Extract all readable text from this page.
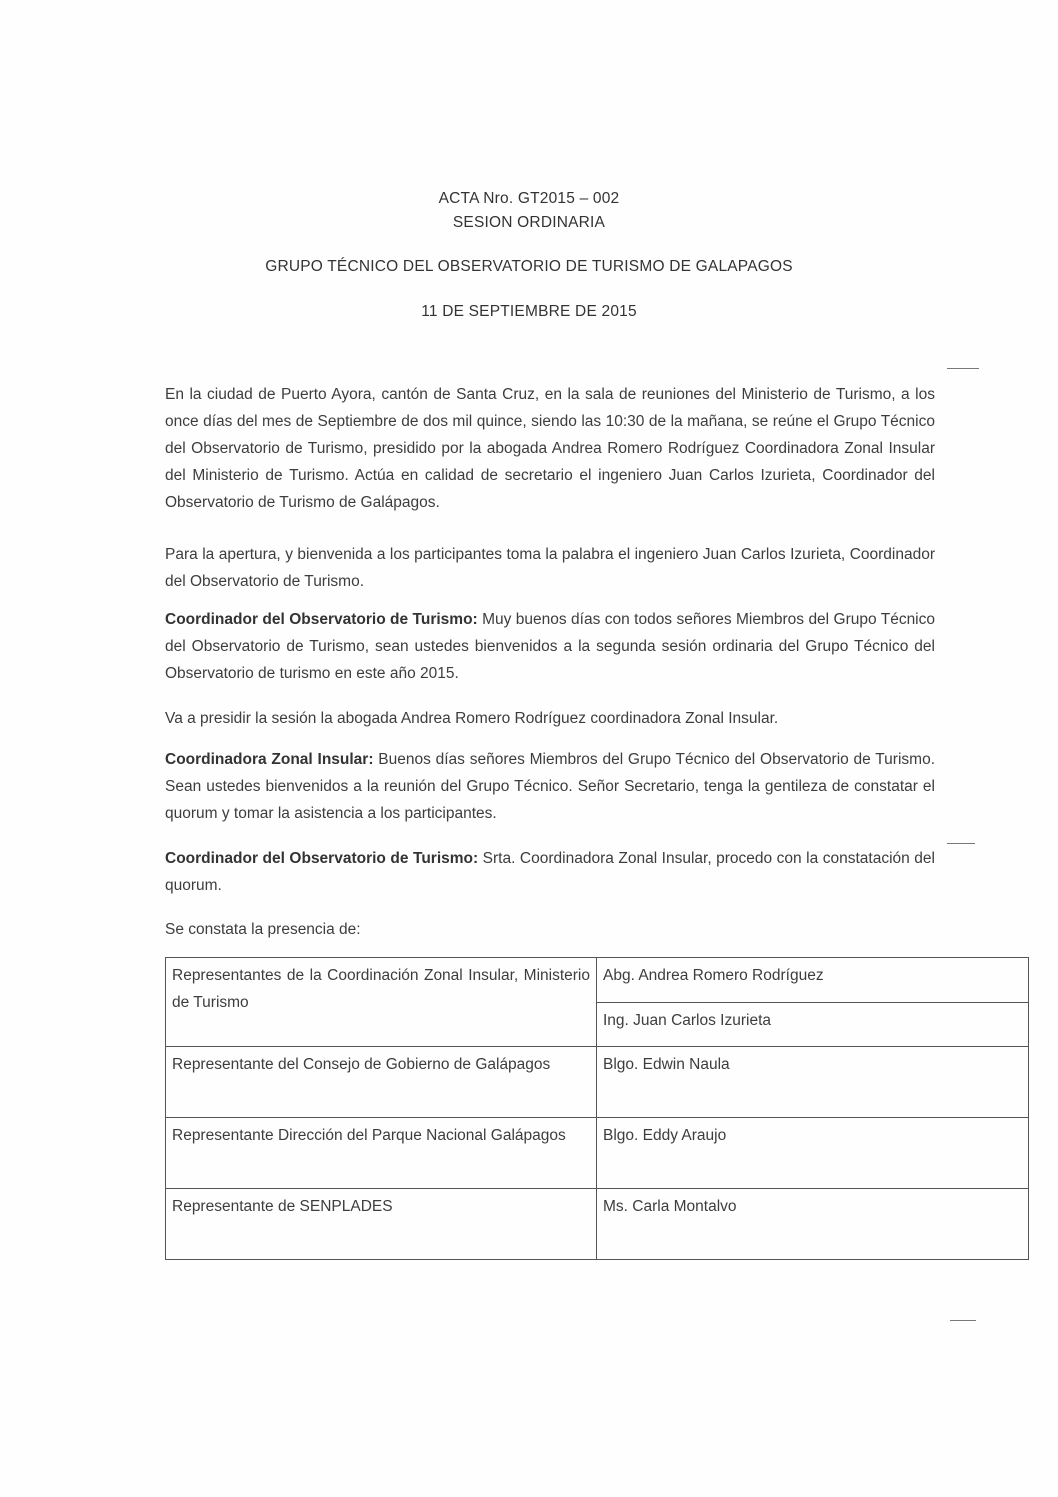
ACTA Nro. GT2015 – 002
SESION ORDINARIA
GRUPO TÉCNICO DEL OBSERVATORIO DE TURISMO DE GALAPAGOS
11 DE SEPTIEMBRE DE 2015
En la ciudad de Puerto Ayora, cantón de Santa Cruz, en la sala de reuniones del Ministerio de Turismo, a los once días del mes de Septiembre de dos mil quince, siendo las 10:30 de la mañana, se reúne el Grupo Técnico del Observatorio de Turismo, presidido por la abogada Andrea Romero Rodríguez Coordinadora Zonal Insular del Ministerio de Turismo. Actúa en calidad de secretario el ingeniero Juan Carlos Izurieta, Coordinador del Observatorio de Turismo de Galápagos.
Para la apertura, y bienvenida a los participantes toma la palabra el ingeniero Juan Carlos Izurieta, Coordinador del Observatorio de Turismo.
Coordinador del Observatorio de Turismo: Muy buenos días con todos señores Miembros del Grupo Técnico del Observatorio de Turismo, sean ustedes bienvenidos a la segunda sesión ordinaria del Grupo Técnico del Observatorio de turismo en este año 2015.
Va a presidir la sesión la abogada Andrea Romero Rodríguez coordinadora Zonal Insular.
Coordinadora Zonal Insular: Buenos días señores Miembros del Grupo Técnico del Observatorio de Turismo. Sean ustedes bienvenidos a la reunión del Grupo Técnico. Señor Secretario, tenga la gentileza de constatar el quorum y tomar la asistencia a los participantes.
Coordinador del Observatorio de Turismo: Srta. Coordinadora Zonal Insular, procedo con la constatación del quorum.
Se constata la presencia de:
Representantes de la Coordinación Zonal Insular, Ministerio de Turismo	Abg. Andrea Romero Rodríguez
	Ing. Juan Carlos Izurieta
Representante del Consejo de Gobierno de Galápagos	Blgo. Edwin Naula
Representante Dirección del Parque Nacional Galápagos	Blgo. Eddy Araujo
Representante de SENPLADES	Ms. Carla Montalvo
